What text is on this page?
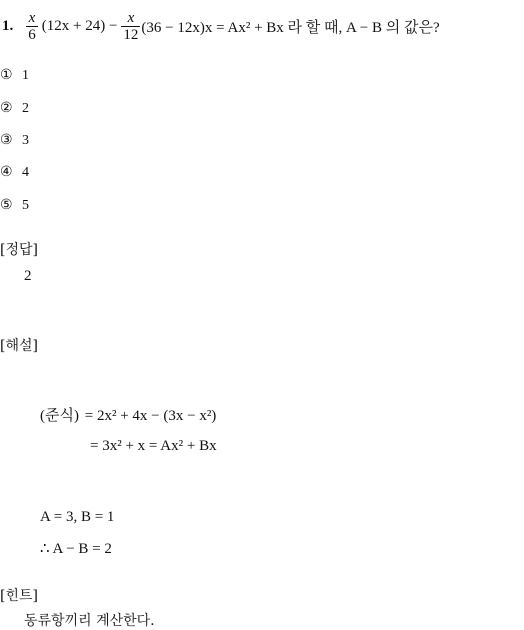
1. $\frac{x}{6} (12x + 24) - \frac{x}{12} (36 - 12x)x = Ax^2 + Bx$ 라 할 때, A − B 의 값은?
① 1
② 2
③ 3
④ 4
⑤ 5
[정답]
2
[해설]
(준식) = 2x² + 4x − (3x − x²)
= 3x² + x = Ax² + Bx
A = 3, B = 1
∴ A − B = 2
[힌트]
동류항끼리 계산한다.
